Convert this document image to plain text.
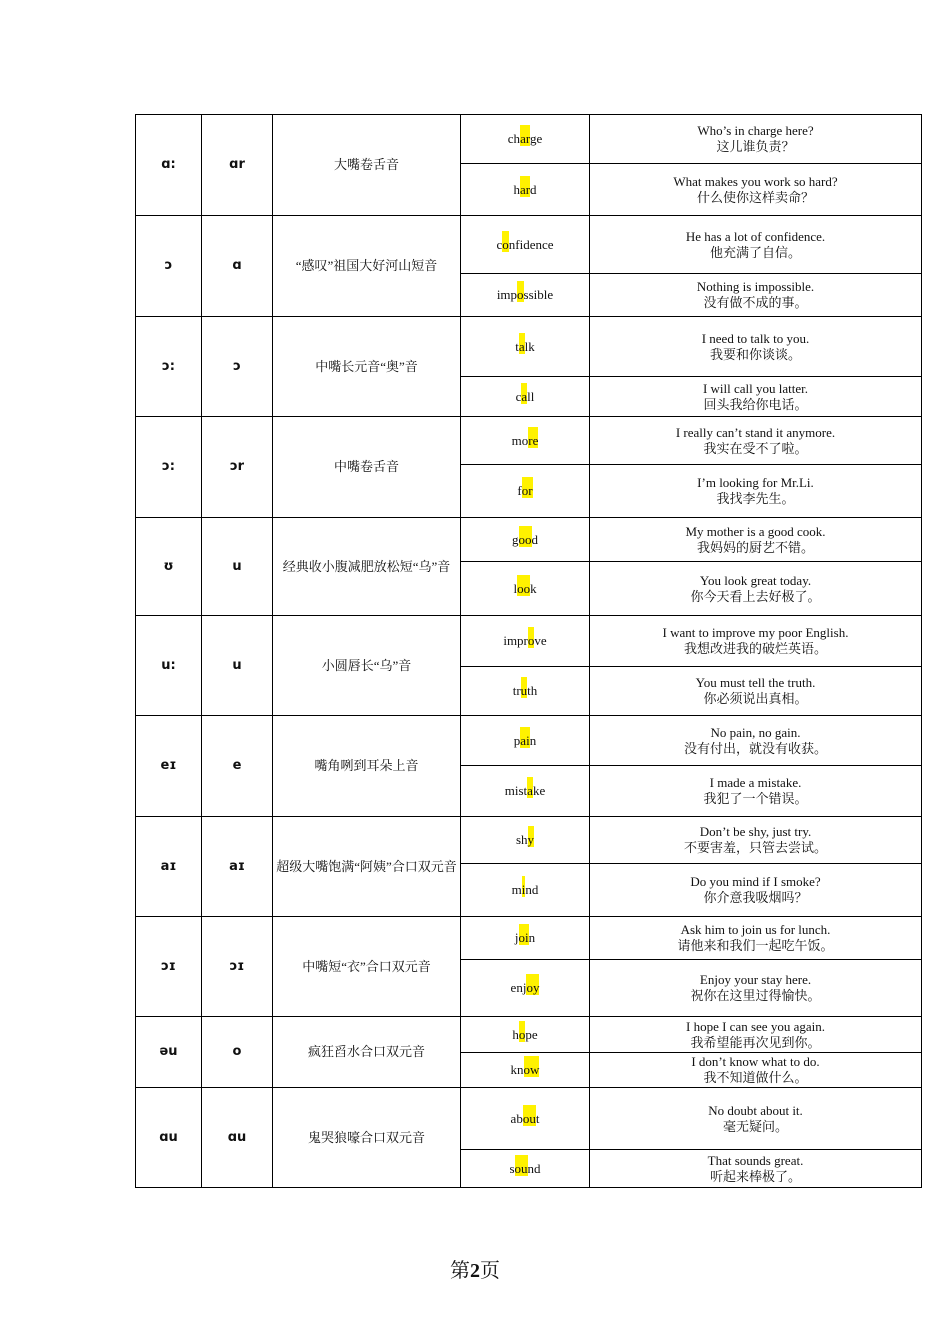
ɑ:	ɑr	大嘴卷舌音	charge	Who’s in charge here?
这儿谁负责？

			hard	What makes you work so hard?
什么使你这样卖命？

ɔ	ɑ	“感叹”祖国大好河山短音	confidence	He has a lot of confidence.
他充满了自信。

			impossible	Nothing is impossible.
没有做不成的事。

ɔ:	ɔ	中嘴长元音“奥”音	talk	I need to talk to you.
我要和你谈谈。

			call	I will call you latter.
回头我给你电话。

ɔ:	ɔr	中嘴卷舌音	more	I really can’t stand it anymore.
我实在受不了啦。

			for	I’m looking for Mr.Li.
我找李先生。

ʊ	u	经典收小腹减肥放松短“乌”音	good	My mother is a good cook.
我妈妈的厨艺不错。

			look	You look great today.
你今天看上去好极了。

u:	u	小圆唇长“乌”音	improve	I want to improve my poor English.
我想改进我的破烂英语。

			truth	You must tell the truth.
你必须说出真相。

eɪ	e	嘴角咧到耳朵上音	pain	No pain, no gain.
没有付出，就没有收获。

			mistake	I made a mistake.
我犯了一个错误。

aɪ	aɪ	超级大嘴饱满“阿姨”合口双元音	shy	Don’t be shy, just try.
不要害羞，只管去尝试。

			mind	Do you mind if I smoke?
你介意我吸烟吗？

ɔɪ	ɔɪ	中嘴短“衣”合口双元音	join	Ask him to join us for lunch.
请他来和我们一起吃午饭。

			enjoy	Enjoy your stay here.
祝你在这里过得愉快。

əu	o	疯狂舀水合口双元音	hope	I hope I can see you again.
我希望能再次见到你。

			know	I don’t know what to do.
我不知道做什么。

ɑu	ɑu	鬼哭狼嚎合口双元音	about	No doubt about it.
毫无疑问。

			sound	That sounds great.
听起来棒极了。
第2页
